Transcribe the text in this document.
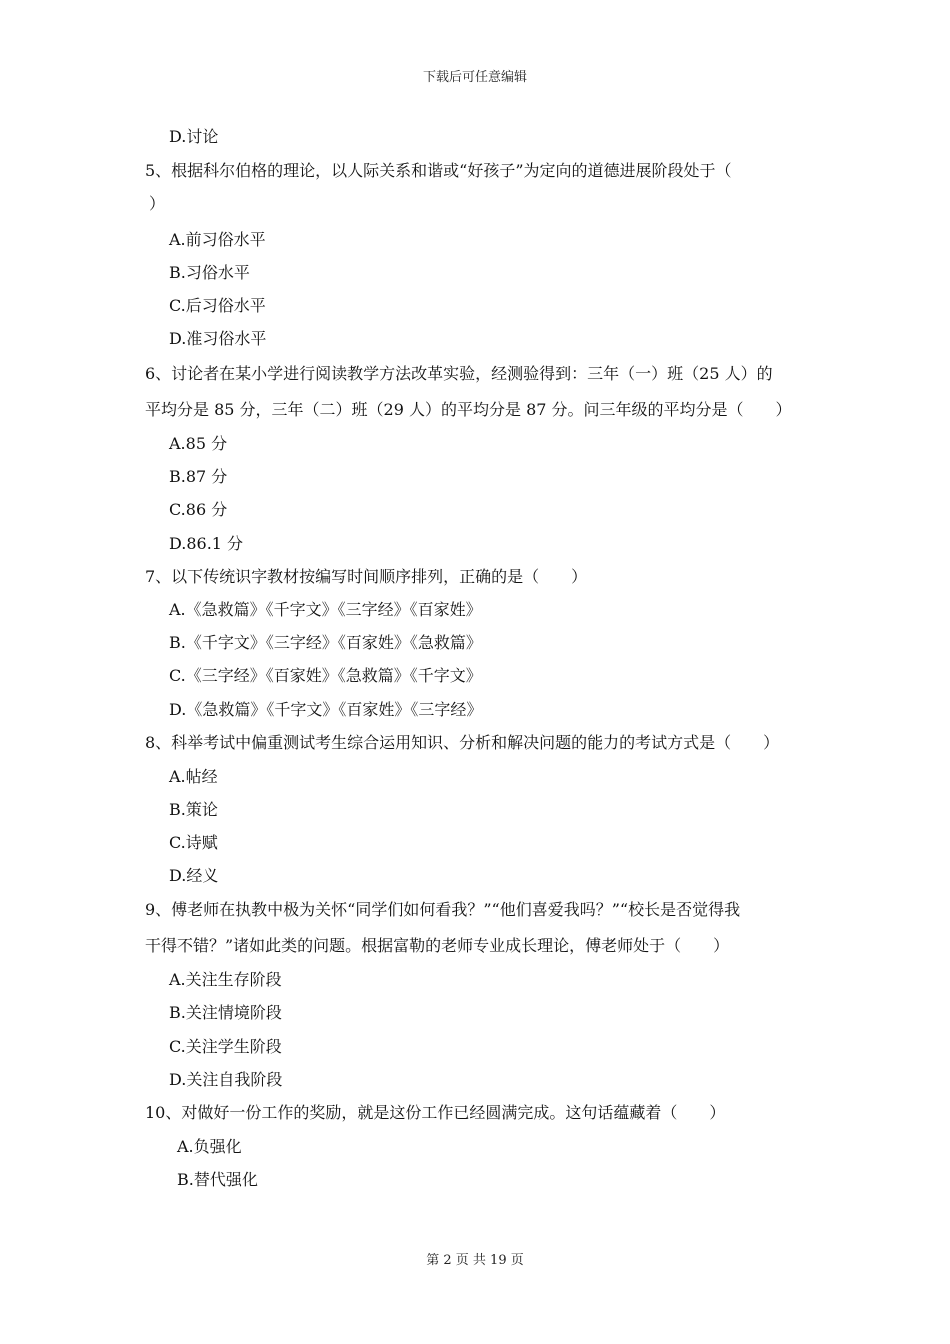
下载后可任意编辑
D.讨论
5、根据科尔伯格的理论，以人际关系和谐或“好孩子”为定向的道德进展阶段处于（
）
A.前习俗水平
B.习俗水平
C.后习俗水平
D.准习俗水平
6、讨论者在某小学进行阅读教学方法改革实验，经测验得到：三年（一）班（25 人）的
平均分是 85 分，三年（二）班（29 人）的平均分是 87 分。问三年级的平均分是（　　）
A.85 分
B.87 分
C.86 分
D.86.1 分
7、以下传统识字教材按编写时间顺序排列，正确的是（　　）
A.《急救篇》《千字文》《三字经》《百家姓》
B.《千字文》《三字经》《百家姓》《急救篇》
C.《三字经》《百家姓》《急救篇》《千字文》
D.《急救篇》《千字文》《百家姓》《三字经》
8、科举考试中偏重测试考生综合运用知识、分析和解决问题的能力的考试方式是（　　）
A.帖经
B.策论
C.诗赋
D.经义
9、傅老师在执教中极为关怀“同学们如何看我？”“他们喜爱我吗？”“校长是否觉得我
干得不错？”诸如此类的问题。根据富勒的老师专业成长理论，傅老师处于（　　）
A.关注生存阶段
B.关注情境阶段
C.关注学生阶段
D.关注自我阶段
10、对做好一份工作的奖励，就是这份工作已经圆满完成。这句话蕴藏着（　　）
A.负强化
B.替代强化
第 2 页 共 19 页
